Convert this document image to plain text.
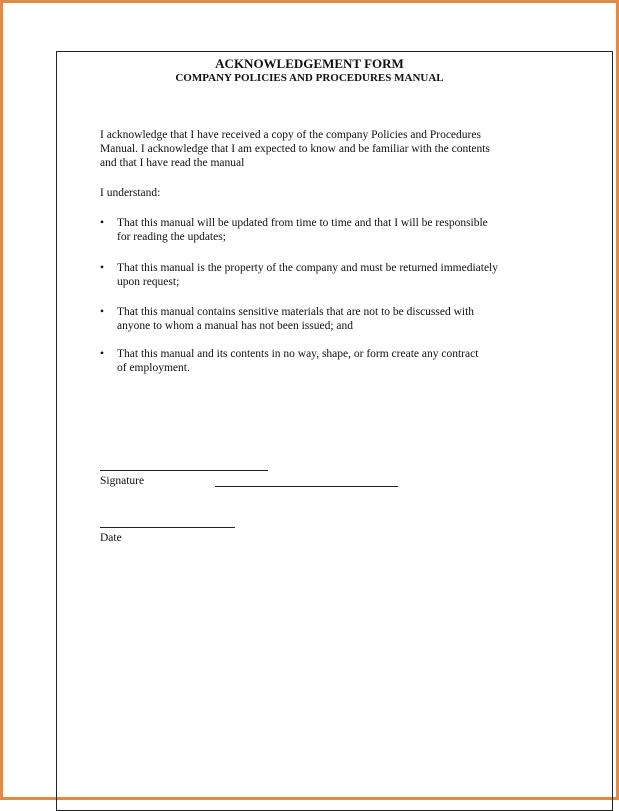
ACKNOWLEDGEMENT FORM
COMPANY POLICIES AND PROCEDURES MANUAL
I acknowledge that I have received a copy of the company Policies and Procedures
Manual. I acknowledge that I am expected to know and be familiar with the contents
and that I have read the manual
I understand:
•	That this manual will be updated from time to time and that I will be responsible
for reading the updates;
•	That this manual is the property of the company and must be returned immediately
upon request;
•	That this manual contains sensitive materials that are not to be discussed with
anyone to whom a manual has not been issued; and
•	That this manual and its contents in no way, shape, or form create any contract
of employment.
Signature
Date
